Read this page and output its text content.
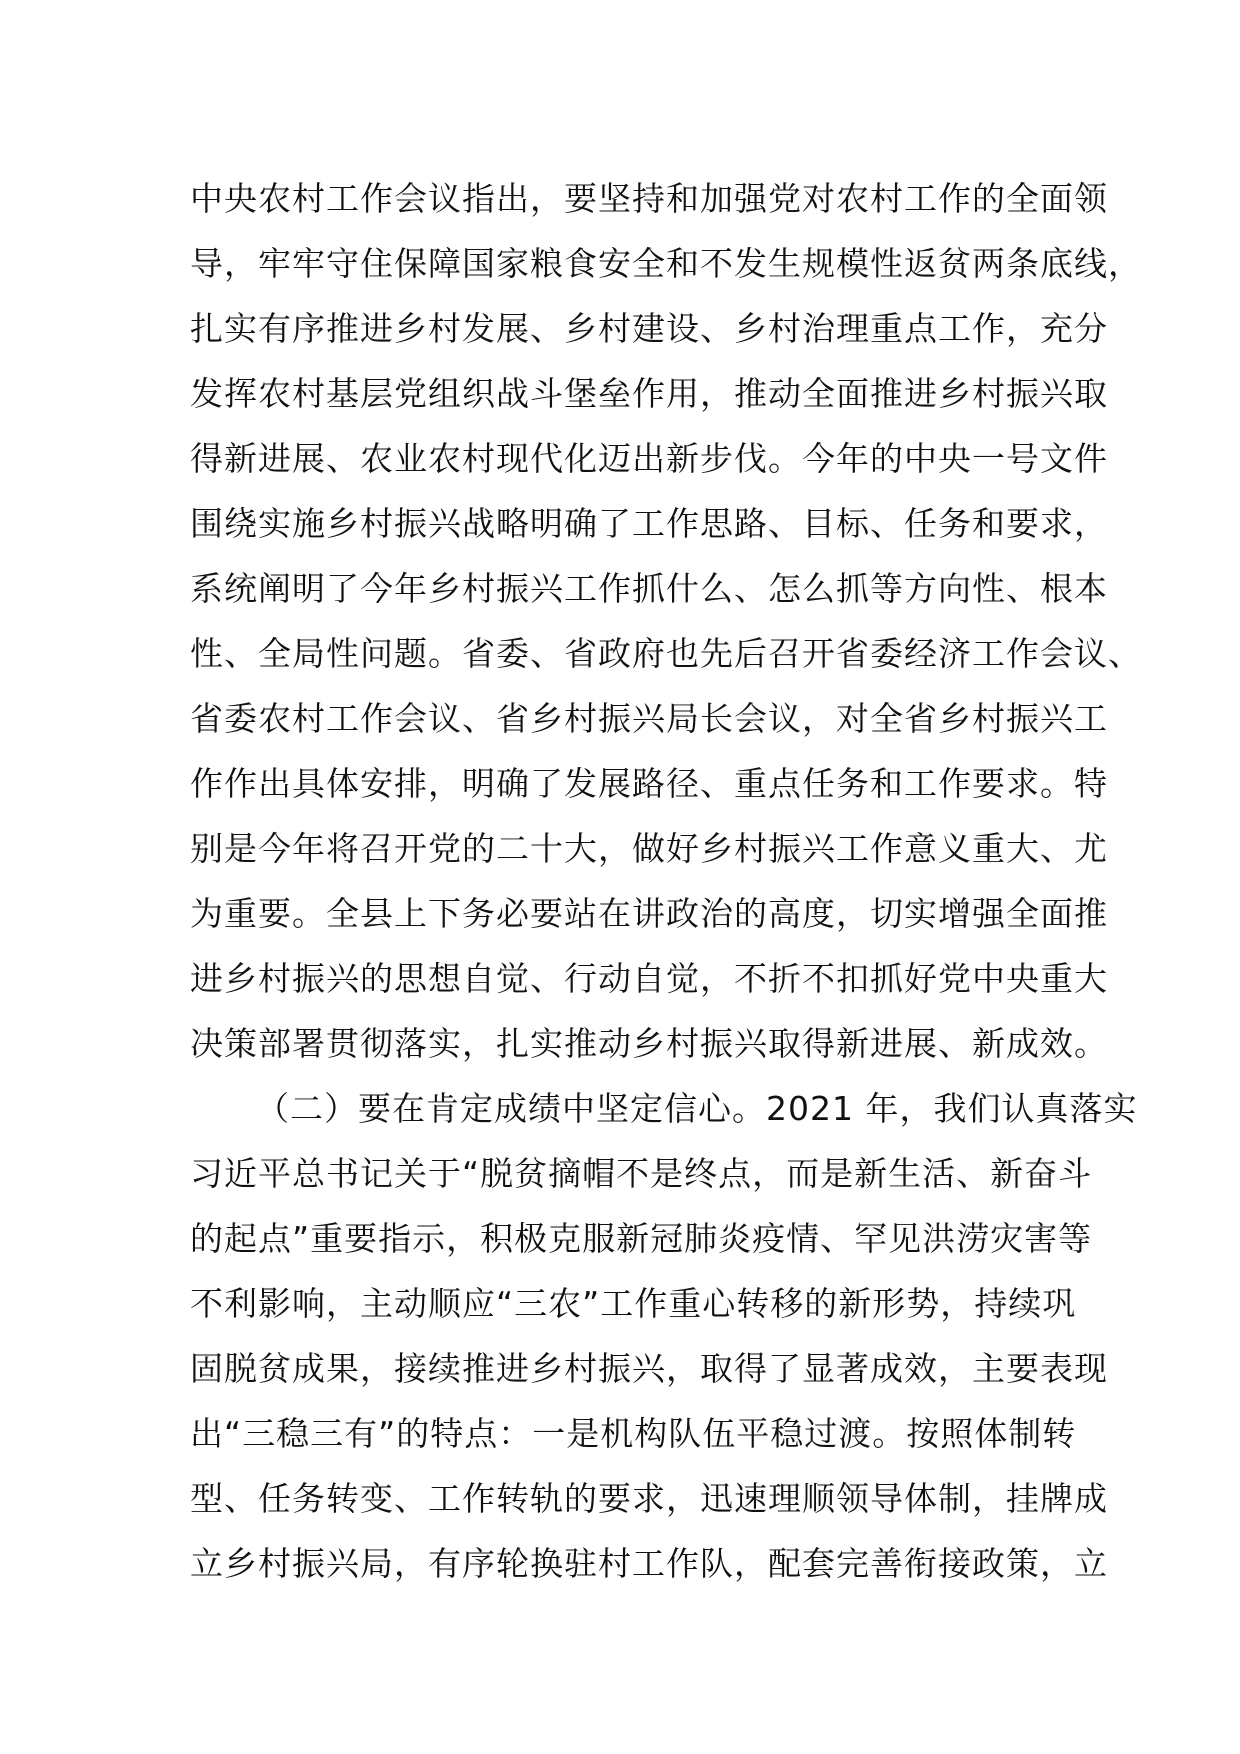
中央农村工作会议指出，要坚持和加强党对农村工作的全面领
导，牢牢守住保障国家粮食安全和不发生规模性返贫两条底线，
扎实有序推进乡村发展、乡村建设、乡村治理重点工作，充分
发挥农村基层党组织战斗堡垒作用，推动全面推进乡村振兴取
得新进展、农业农村现代化迈出新步伐。今年的中央一号文件
围绕实施乡村振兴战略明确了工作思路、目标、任务和要求，
系统阐明了今年乡村振兴工作抓什么、怎么抓等方向性、根本
性、全局性问题。省委、省政府也先后召开省委经济工作会议、
省委农村工作会议、省乡村振兴局长会议，对全省乡村振兴工
作作出具体安排，明确了发展路径、重点任务和工作要求。特
别是今年将召开党的二十大，做好乡村振兴工作意义重大、尤
为重要。全县上下务必要站在讲政治的高度，切实增强全面推
进乡村振兴的思想自觉、行动自觉，不折不扣抓好党中央重大
决策部署贯彻落实，扎实推动乡村振兴取得新进展、新成效。
（二）要在肯定成绩中坚定信心。2021 年，我们认真落实
习近平总书记关于“脱贫摘帽不是终点，而是新生活、新奋斗
的起点”重要指示，积极克服新冠肺炎疫情、罕见洪涝灾害等
不利影响，主动顺应“三农”工作重心转移的新形势，持续巩
固脱贫成果，接续推进乡村振兴，取得了显著成效，主要表现
出“三稳三有”的特点：一是机构队伍平稳过渡。按照体制转
型、任务转变、工作转轨的要求，迅速理顺领导体制，挂牌成
立乡村振兴局，有序轮换驻村工作队，配套完善衔接政策，立
